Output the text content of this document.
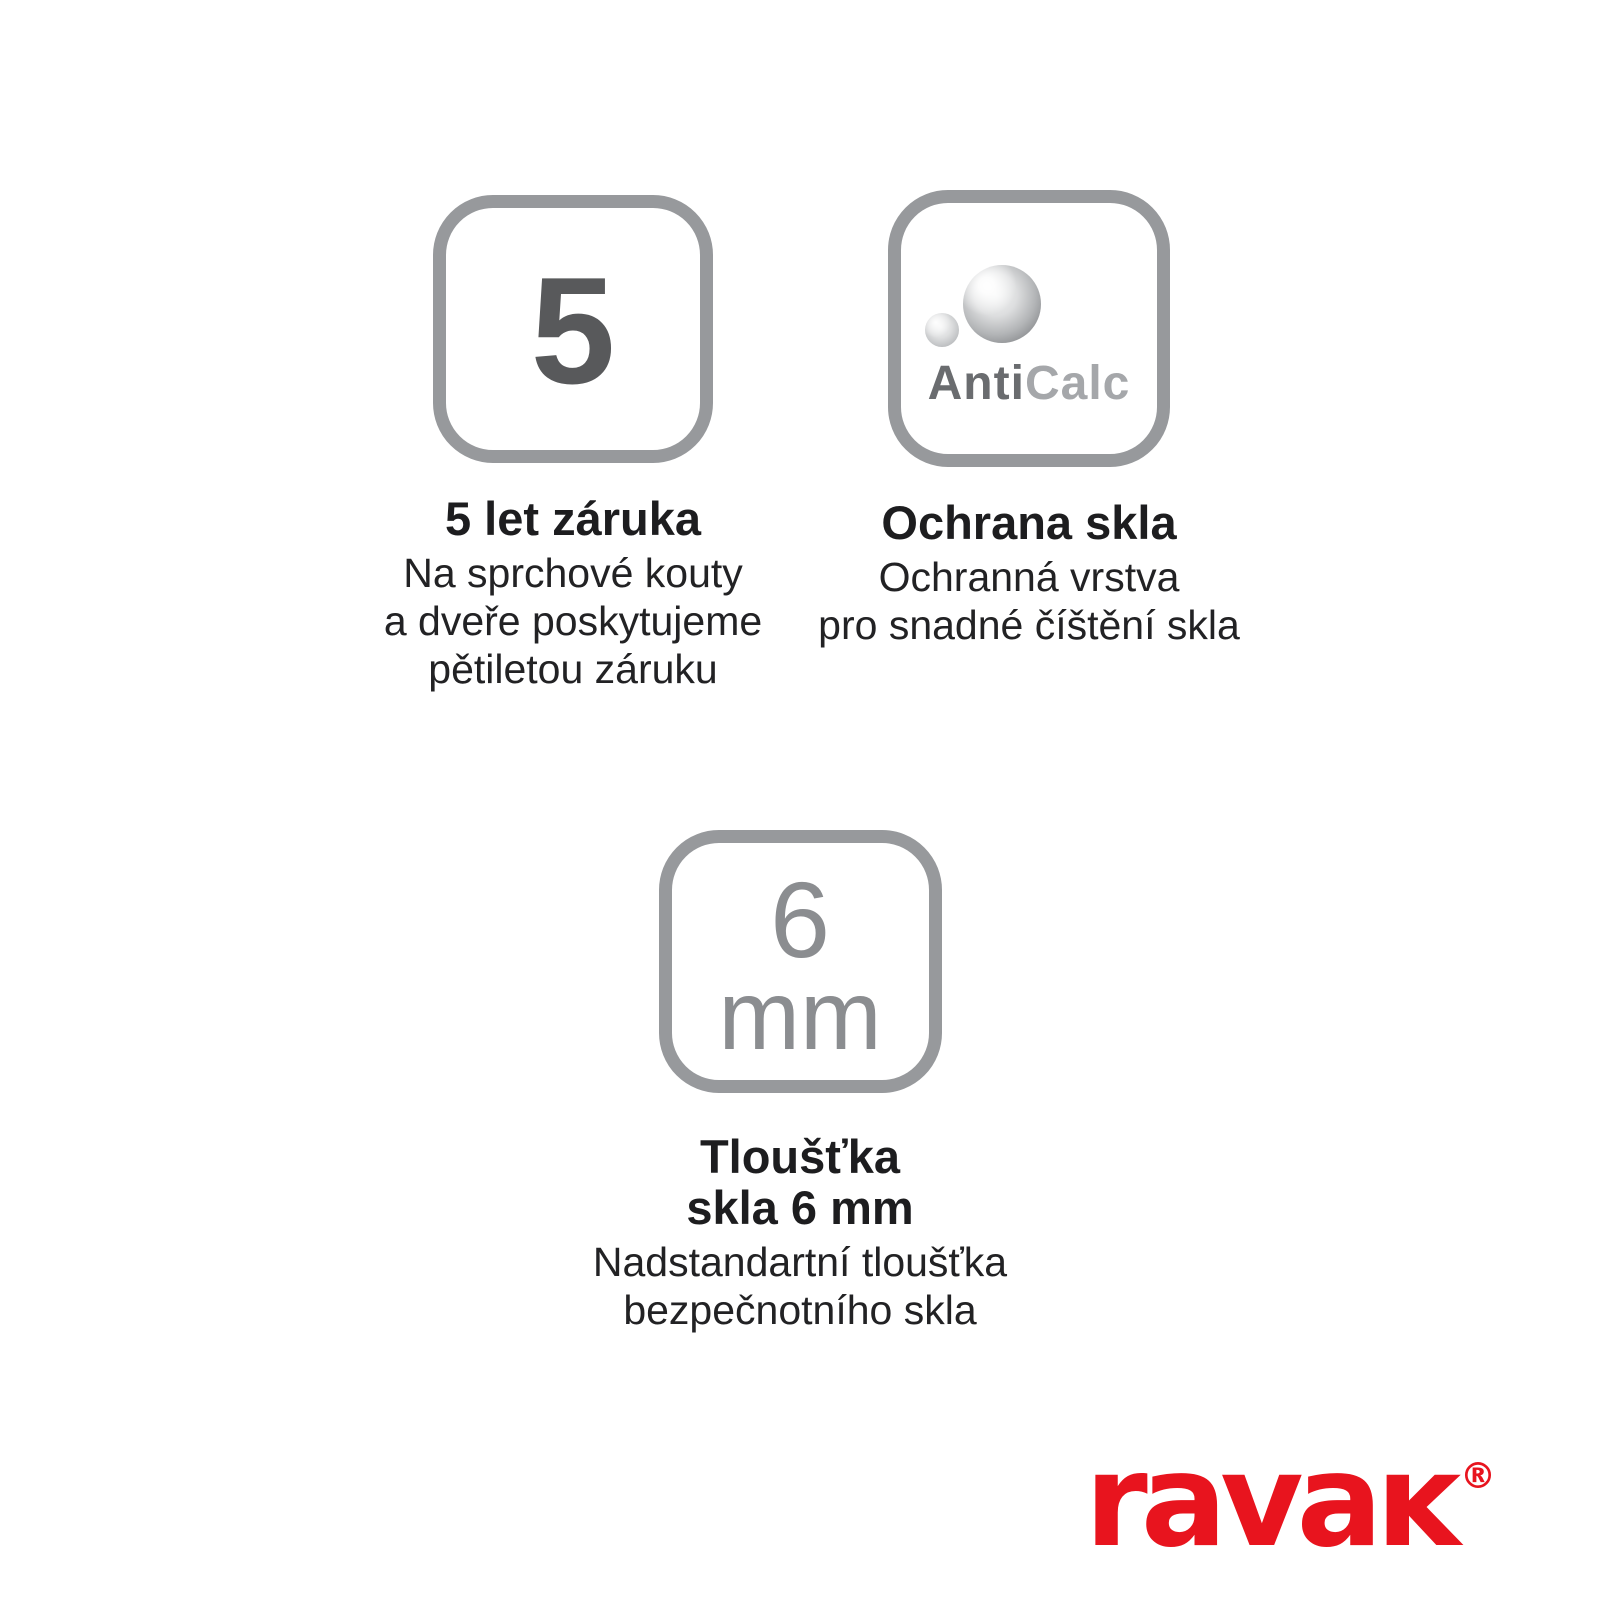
5
5 let záruka

Na sprchové kouty
a dveře poskytujeme
pětiletou záruku

AntiCalc
Ochrana skla

Ochranná vrstva
pro snadné číštění skla

6
mm
Tloušťka
skla 6 mm

Nadstandartní tloušťka
bezpečnotního skla

ravaĸ ®
